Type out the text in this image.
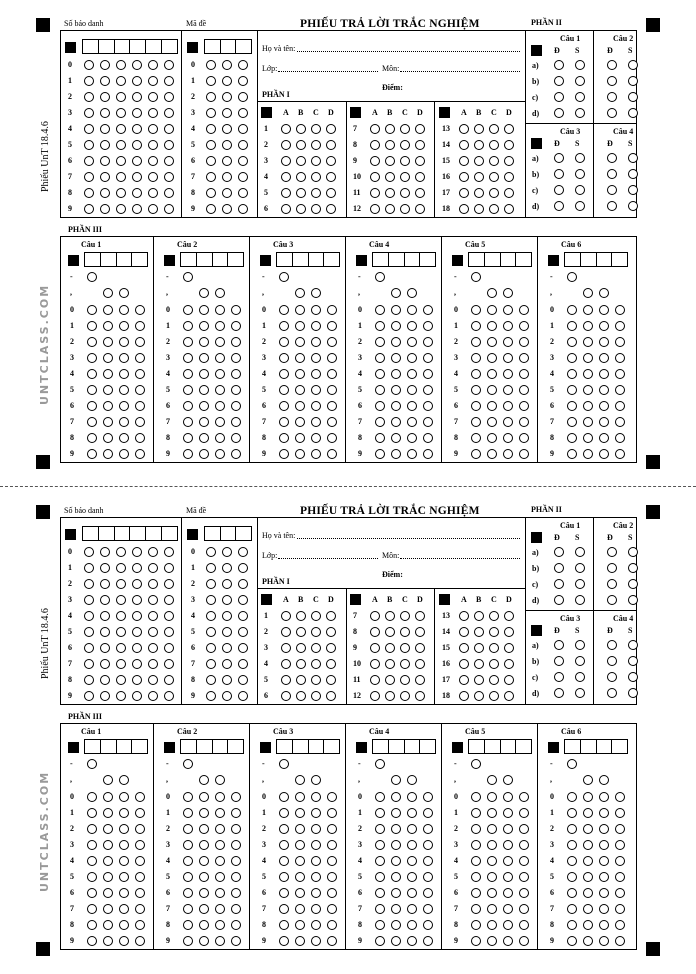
Phiếu UnT 18.4.6
UNTCLASS.COM
Số báo danh	Mã đề
0
1
2
3
4
5
6
7
8
9
0
1
2
3
4
5
6
7
8
9
PHIẾU TRẢ LỜI TRẮC NGHIỆM
Họ và tên:
Lớp:	Môn:
Điểm:
PHẦN I
A B C D
1
2
3
4
5
6
A B C D
7
8
9
10
11
12
A B C D
13
14
15
16
17
18
PHẦN II
Câu 1
Đ S
a)
b)
c)
d)
Câu 2
Đ S
Câu 3
Đ S
a)
b)
c)
d)
Câu 4
Đ S
PHẦN III
Câu 1
-
,
0
1
2
3
4
5
6
7
8
9
Câu 2
-
,
0
1
2
3
4
5
6
7
8
9
Câu 3
-
,
0
1
2
3
4
5
6
7
8
9
Câu 4
-
,
0
1
2
3
4
5
6
7
8
9
Câu 5
-
,
0
1
2
3
4
5
6
7
8
9
Câu 6
-
,
0
1
2
3
4
5
6
7
8
9
Phiếu UnT 18.4.6
UNTCLASS.COM
Số báo danh	Mã đề
0
1
2
3
4
5
6
7
8
9
0
1
2
3
4
5
6
7
8
9
PHIẾU TRẢ LỜI TRẮC NGHIỆM
Họ và tên:
Lớp:	Môn:
Điểm:
PHẦN I
A B C D
1
2
3
4
5
6
A B C D
7
8
9
10
11
12
A B C D
13
14
15
16
17
18
PHẦN II
Câu 1
Đ S
a)
b)
c)
d)
Câu 2
Đ S
Câu 3
Đ S
a)
b)
c)
d)
Câu 4
Đ S
PHẦN III
Câu 1
-
,
0
1
2
3
4
5
6
7
8
9
Câu 2
-
,
0
1
2
3
4
5
6
7
8
9
Câu 3
-
,
0
1
2
3
4
5
6
7
8
9
Câu 4
-
,
0
1
2
3
4
5
6
7
8
9
Câu 5
-
,
0
1
2
3
4
5
6
7
8
9
Câu 6
-
,
0
1
2
3
4
5
6
7
8
9
